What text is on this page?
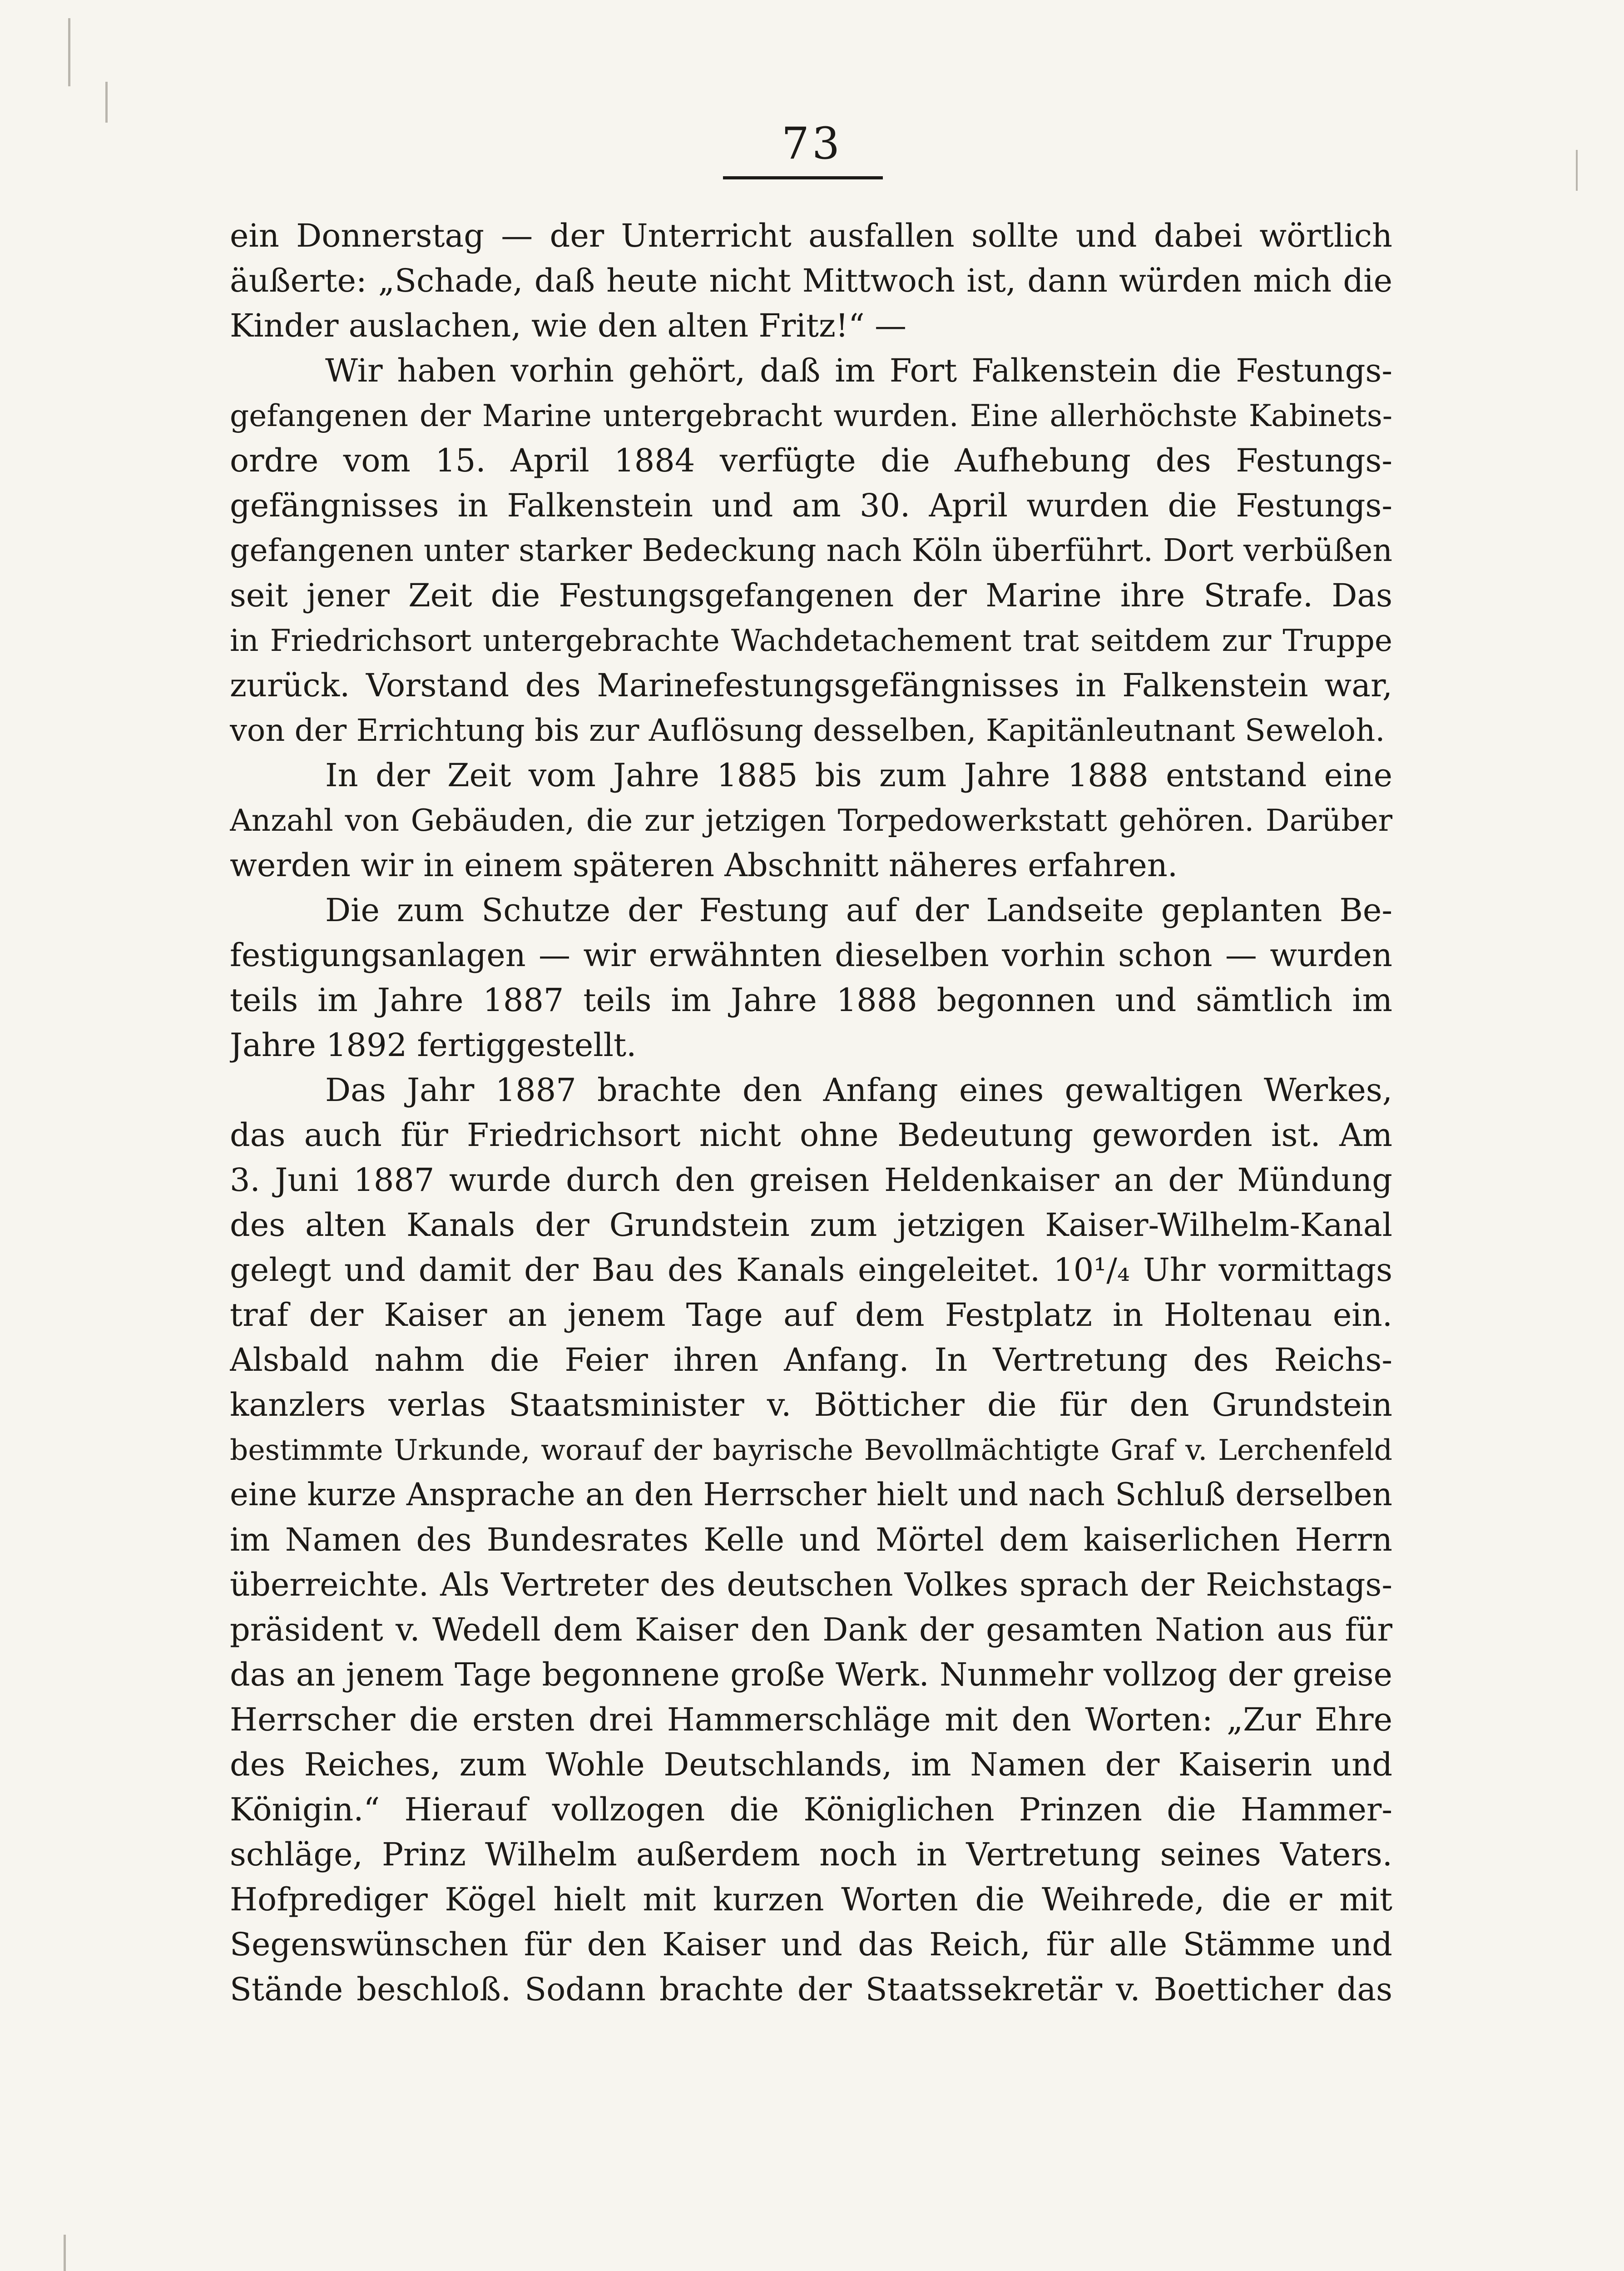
73
ein Donnerstag — der Unterricht ausfallen sollte und dabei wörtlich
äußerte: „Schade, daß heute nicht Mittwoch ist, dann würden mich die
Kinder auslachen, wie den alten Fritz!“ —
Wir haben vorhin gehört, daß im Fort Falkenstein die Festungs-
gefangenen der Marine untergebracht wurden. Eine allerhöchste Kabinets-
ordre vom 15. April 1884 verfügte die Aufhebung des Festungs-
gefängnisses in Falkenstein und am 30. April wurden die Festungs-
gefangenen unter starker Bedeckung nach Köln überführt. Dort verbüßen
seit jener Zeit die Festungsgefangenen der Marine ihre Strafe. Das
in Friedrichsort untergebrachte Wachdetachement trat seitdem zur Truppe
zurück. Vorstand des Marinefestungsgefängnisses in Falkenstein war,
von der Errichtung bis zur Auflösung desselben, Kapitänleutnant Seweloh.
In der Zeit vom Jahre 1885 bis zum Jahre 1888 entstand eine
Anzahl von Gebäuden, die zur jetzigen Torpedowerkstatt gehören. Darüber
werden wir in einem späteren Abschnitt näheres erfahren.
Die zum Schutze der Festung auf der Landseite geplanten Be-
festigungsanlagen — wir erwähnten dieselben vorhin schon — wurden
teils im Jahre 1887 teils im Jahre 1888 begonnen und sämtlich im
Jahre 1892 fertiggestellt.
Das Jahr 1887 brachte den Anfang eines gewaltigen Werkes,
das auch für Friedrichsort nicht ohne Bedeutung geworden ist. Am
3. Juni 1887 wurde durch den greisen Heldenkaiser an der Mündung
des alten Kanals der Grundstein zum jetzigen Kaiser-Wilhelm-Kanal
gelegt und damit der Bau des Kanals eingeleitet. 10¹/₄ Uhr vormittags
traf der Kaiser an jenem Tage auf dem Festplatz in Holtenau ein.
Alsbald nahm die Feier ihren Anfang. In Vertretung des Reichs-
kanzlers verlas Staatsminister v. Bötticher die für den Grundstein
bestimmte Urkunde, worauf der bayrische Bevollmächtigte Graf v. Lerchenfeld
eine kurze Ansprache an den Herrscher hielt und nach Schluß derselben
im Namen des Bundesrates Kelle und Mörtel dem kaiserlichen Herrn
überreichte. Als Vertreter des deutschen Volkes sprach der Reichstags-
präsident v. Wedell dem Kaiser den Dank der gesamten Nation aus für
das an jenem Tage begonnene große Werk. Nunmehr vollzog der greise
Herrscher die ersten drei Hammerschläge mit den Worten: „Zur Ehre
des Reiches, zum Wohle Deutschlands, im Namen der Kaiserin und
Königin.“ Hierauf vollzogen die Königlichen Prinzen die Hammer-
schläge, Prinz Wilhelm außerdem noch in Vertretung seines Vaters.
Hofprediger Kögel hielt mit kurzen Worten die Weihrede, die er mit
Segenswünschen für den Kaiser und das Reich, für alle Stämme und
Stände beschloß. Sodann brachte der Staatssekretär v. Boetticher das
